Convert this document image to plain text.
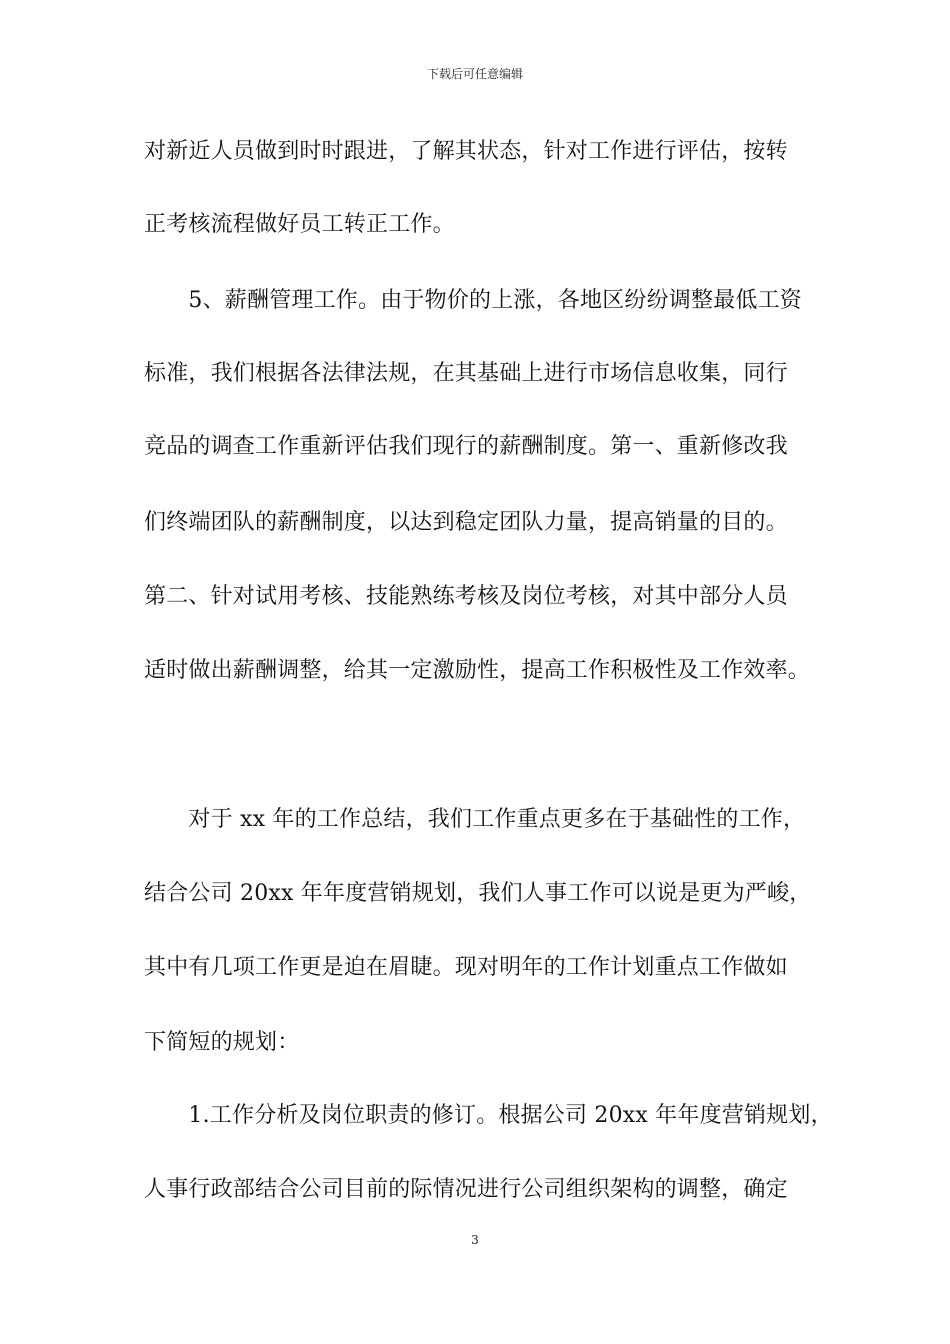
下载后可任意编辑
对新近人员做到时时跟进，了解其状态，针对工作进行评估，按转
正考核流程做好员工转正工作。
　　5、薪酬管理工作。由于物价的上涨，各地区纷纷调整最低工资
标准，我们根据各法律法规，在其基础上进行市场信息收集，同行
竞品的调查工作重新评估我们现行的薪酬制度。第一、重新修改我
们终端团队的薪酬制度，以达到稳定团队力量，提高销量的目的。
第二、针对试用考核、技能熟练考核及岗位考核，对其中部分人员
适时做出薪酬调整，给其一定激励性，提高工作积极性及工作效率。
　　对于 xx 年的工作总结，我们工作重点更多在于基础性的工作，
结合公司 20xx 年年度营销规划，我们人事工作可以说是更为严峻，
其中有几项工作更是迫在眉睫。现对明年的工作计划重点工作做如
下简短的规划：
　　1.工作分析及岗位职责的修订。根据公司 20xx 年年度营销规划，
人事行政部结合公司目前的际情况进行公司组织架构的调整，确定
3
